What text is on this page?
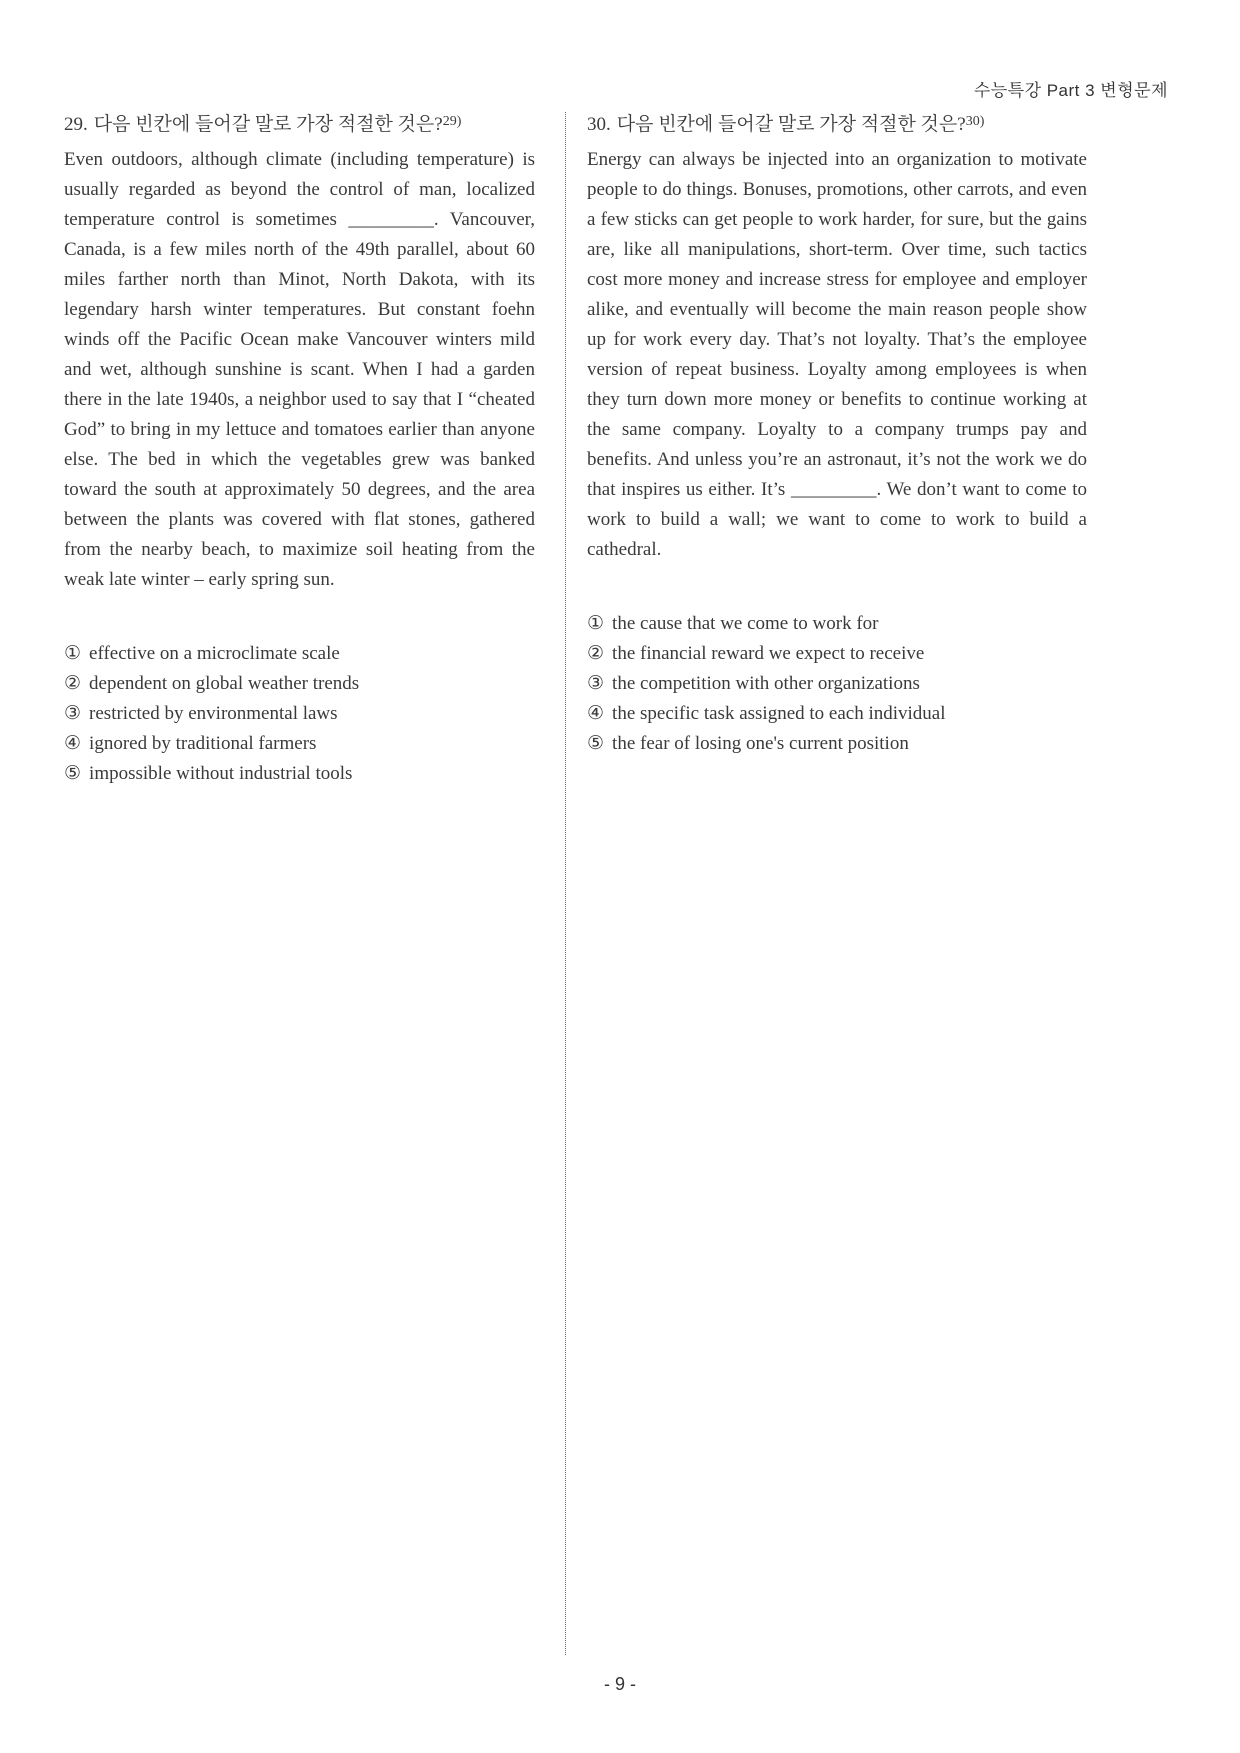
수능특강 Part 3 변형문제
29. 다음 빈칸에 들어갈 말로 가장 적절한 것은?$^{29)}$
Even outdoors, although climate (including temperature) is usually regarded as beyond the control of man, localized temperature control is sometimes _________. Vancouver, Canada, is a few miles north of the 49th parallel, about 60 miles farther north than Minot, North Dakota, with its legendary harsh winter temperatures. But constant foehn winds off the Pacific Ocean make Vancouver winters mild and wet, although sunshine is scant. When I had a garden there in the late 1940s, a neighbor used to say that I “cheated God” to bring in my lettuce and tomatoes earlier than anyone else. The bed in which the vegetables grew was banked toward the south at approximately 50 degrees, and the area between the plants was covered with flat stones, gathered from the nearby beach, to maximize soil heating from the weak late winter – early spring sun.
① effective on a microclimate scale
② dependent on global weather trends
③ restricted by environmental laws
④ ignored by traditional farmers
⑤ impossible without industrial tools
30. 다음 빈칸에 들어갈 말로 가장 적절한 것은?$^{30)}$
Energy can always be injected into an organization to motivate people to do things. Bonuses, promotions, other carrots, and even a few sticks can get people to work harder, for sure, but the gains are, like all manipulations, short-term. Over time, such tactics cost more money and increase stress for employee and employer alike, and eventually will become the main reason people show up for work every day. That’s not loyalty. That’s the employee version of repeat business. Loyalty among employees is when they turn down more money or benefits to continue working at the same company. Loyalty to a company trumps pay and benefits. And unless you’re an astronaut, it’s not the work we do that inspires us either. It’s _________. We don’t want to come to work to build a wall; we want to come to work to build a cathedral.
① the cause that we come to work for
② the financial reward we expect to receive
③ the competition with other organizations
④ the specific task assigned to each individual
⑤ the fear of losing one's current position
- 9 -
